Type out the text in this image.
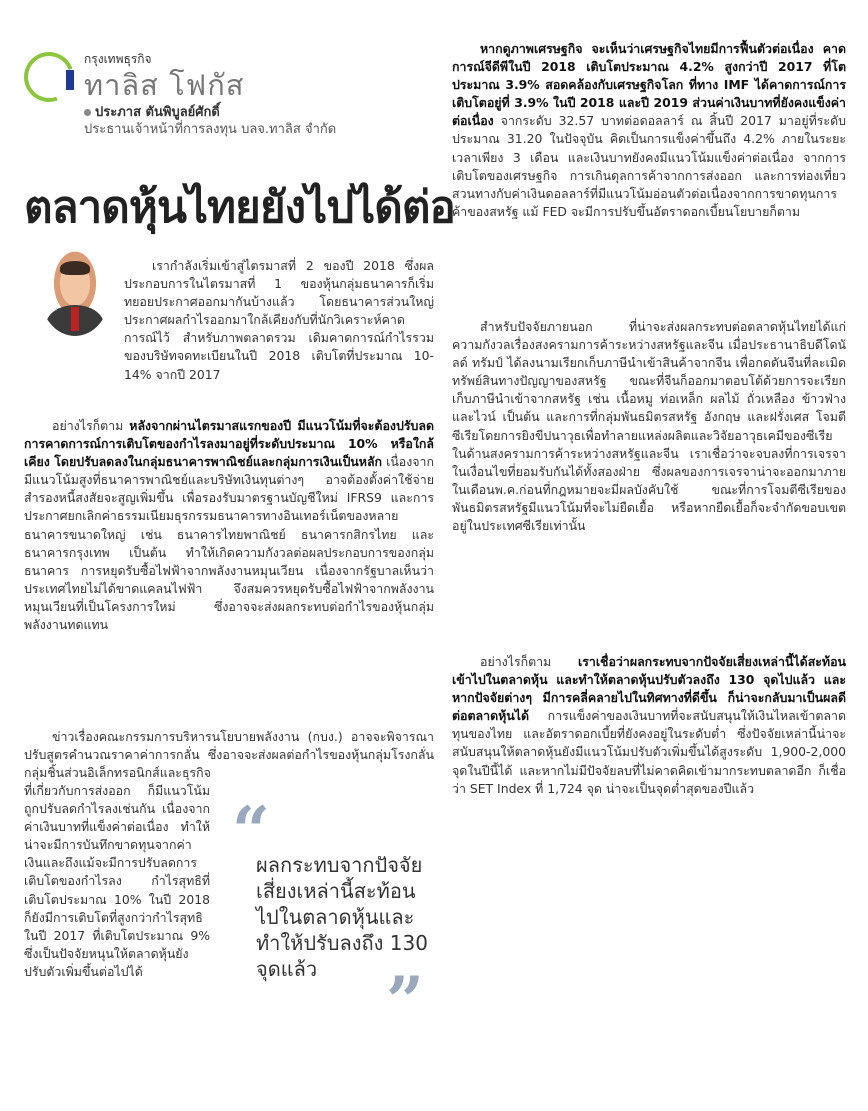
กรุงเทพธุรกิจ
ทาลิส โฟกัส
ประภาส ตันพิบูลย์ศักดิ์
ประธานเจ้าหน้าที่การลงทุน บลจ.ทาลิส จำกัด
ตลาดหุ้นไทยยังไปได้ต่อ

เรากำลังเริ่มเข้าสู่ไตรมาสที่ 2 ของปี 2018 ซึ่งผลประกอบการในไตรมาสที่ 1 ของหุ้นกลุ่มธนาคารก็เริ่มทยอยประกาศออกมากันบ้างแล้ว โดยธนาคารส่วนใหญ่ประกาศผลกำไรออกมาใกล้เคียงกับที่นักวิเคราะห์คาดการณ์ไว้ สำหรับภาพตลาดรวม เดิมคาดการณ์กำไรรวมของบริษัทจดทะเบียนในปี 2018 เติบโตที่ประมาณ 10-14% จากปี 2017

อย่างไรก็ตาม หลังจากผ่านไตรมาสแรกของปี มีแนวโน้มที่จะต้องปรับลดการคาดการณ์การเติบโตของกำไรลงมาอยู่ที่ระดับประมาณ 10% หรือใกล้เคียง โดยปรับลดลงในกลุ่มธนาคารพาณิชย์และกลุ่มการเงินเป็นหลัก เนื่องจากมีแนวโน้มสูงที่ธนาคารพาณิชย์และบริษัทเงินทุนต่างๆ อาจต้องตั้งค่าใช้จ่ายสำรองหนี้สงสัยจะสูญเพิ่มขึ้น เพื่อรองรับมาตรฐานบัญชีใหม่ IFRS9 และการประกาศยกเลิกค่าธรรมเนียมธุรกรรมธนาคารทางอินเทอร์เน็ตของหลายธนาคารขนาดใหญ่ เช่น ธนาคารไทยพาณิชย์ ธนาคารกสิกรไทย และธนาคารกรุงเทพ เป็นต้น ทำให้เกิดความกังวลต่อผลประกอบการของกลุ่มธนาคาร การหยุดรับซื้อไฟฟ้าจากพลังงานหมุนเวียน เนื่องจากรัฐบาลเห็นว่าประเทศไทยไม่ได้ขาดแคลนไฟฟ้า จึงสมควรหยุดรับซื้อไฟฟ้าจากพลังงานหมุนเวียนที่เป็นโครงการใหม่ ซึ่งอาจจะส่งผลกระทบต่อกำไรของหุ้นกลุ่มพลังงานทดแทน

ข่าวเรื่องคณะกรรมการบริหารนโยบายพลังงาน (กบง.) อาจจะพิจารณาปรับสูตรคำนวณราคาค่าการกลั่น ซึ่งอาจจะส่งผลต่อกำไรของหุ้นกลุ่มโรงกลั่น กลุ่มชิ้นส่วนอิเล็กทรอนิกส์และธุรกิจ

ที่เกี่ยวกับการส่งออก ก็มีแนวโน้มถูกปรับลดกำไรลงเช่นกัน เนื่องจากค่าเงินบาทที่แข็งค่าต่อเนื่อง ทำให้น่าจะมีการบันทึกขาดทุนจากค่าเงินและถึงแม้จะมีการปรับลดการเติบโตของกำไรลง กำไรสุทธิที่เติบโตประมาณ 10% ในปี 2018 ก็ยังมีการเติบโตที่สูงกว่ากำไรสุทธิในปี 2017 ที่เติบโตประมาณ 9% ซึ่งเป็นปัจจัยหนุนให้ตลาดหุ้นยังปรับตัวเพิ่มขึ้นต่อไปได้

“
ผลกระทบจากปัจจัยเสี่ยงเหล่านี้สะท้อนไปในตลาดหุ้นและทำให้ปรับลงถึง 130 จุดแล้ว	”

หากดูภาพเศรษฐกิจ จะเห็นว่าเศรษฐกิจไทยมีการฟื้นตัวต่อเนื่อง คาดการณ์จีดีพีในปี 2018 เติบโตประมาณ 4.2% สูงกว่าปี 2017 ที่โตประมาณ 3.9% สอดคล้องกับเศรษฐกิจโลก ที่ทาง IMF ได้คาดการณ์การเติบโตอยู่ที่ 3.9% ในปี 2018 และปี 2019 ส่วนค่าเงินบาทที่ยังคงแข็งค่าต่อเนื่อง จากระดับ 32.57 บาทต่อดอลลาร์ ณ สิ้นปี 2017 มาอยู่ที่ระดับประมาณ 31.20 ในปัจจุบัน คิดเป็นการแข็งค่าขึ้นถึง 4.2% ภายในระยะเวลาเพียง 3 เดือน และเงินบาทยังคงมีแนวโน้มแข็งค่าต่อเนื่อง จากการเติบโตของเศรษฐกิจ การเกินดุลการค้าจากการส่งออก และการท่องเที่ยวสวนทางกับค่าเงินดอลลาร์ที่มีแนวโน้มอ่อนตัวต่อเนื่องจากการขาดทุนการค้าของสหรัฐ แม้ FED จะมีการปรับขึ้นอัตราดอกเบี้ยนโยบายก็ตาม

สำหรับปัจจัยภายนอก ที่น่าจะส่งผลกระทบต่อตลาดหุ้นไทยได้แก่ ความกังวลเรื่องสงครามการค้าระหว่างสหรัฐและจีน เมื่อประธานาธิบดีโดนัลด์ ทรัมป์ ได้ลงนามเรียกเก็บภาษีนำเข้าสินค้าจากจีน เพื่อกดดันจีนที่ละเมิดทรัพย์สินทางปัญญาของสหรัฐ ขณะที่จีนก็ออกมาตอบโต้ด้วยการจะเรียกเก็บภาษีนำเข้าจากสหรัฐ เช่น เนื้อหมู ท่อเหล็ก ผลไม้ ถั่วเหลือง ข้าวฟ่าง และไวน์ เป็นต้น และการที่กลุ่มพันธมิตรสหรัฐ อังกฤษ และฝรั่งเศส โจมตีซีเรียโดยการยิงขีปนาวุธเพื่อทำลายแหล่งผลิตและวิจัยอาวุธเคมีของซีเรียในด้านสงครามการค้าระหว่างสหรัฐและจีน เราเชื่อว่าจะจบลงที่การเจรจาในเงื่อนไขที่ยอมรับกันได้ทั้งสองฝ่าย ซึ่งผลของการเจรจาน่าจะออกมาภายในเดือนพ.ค.ก่อนที่กฎหมายจะมีผลบังคับใช้ ขณะที่การโจมตีซีเรียของพันธมิตรสหรัฐมีแนวโน้มที่จะไม่ยืดเยื้อ หรือหากยืดเยื้อก็จะจำกัดขอบเขตอยู่ในประเทศซีเรียเท่านั้น

อย่างไรก็ตาม เราเชื่อว่าผลกระทบจากปัจจัยเสี่ยงเหล่านี้ได้สะท้อนเข้าไปในตลาดหุ้น และทำให้ตลาดหุ้นปรับตัวลงถึง 130 จุดไปแล้ว และหากปัจจัยต่างๆ มีการคลี่คลายไปในทิศทางที่ดีขึ้น ก็น่าจะกลับมาเป็นผลดีต่อตลาดหุ้นได้ การแข็งค่าของเงินบาทที่จะสนับสนุนให้เงินไหลเข้าตลาดทุนของไทย และอัตราดอกเบี้ยที่ยังคงอยู่ในระดับต่ำ ซึ่งปัจจัยเหล่านี้น่าจะสนับสนุนให้ตลาดหุ้นยังมีแนวโน้มปรับตัวเพิ่มขึ้นได้สูงระดับ 1,900-2,000 จุดในปีนี้ได้ และหากไม่มีปัจจัยลบที่ไม่คาดคิดเข้ามากระทบตลาดอีก ก็เชื่อว่า SET Index ที่ 1,724 จุด น่าจะเป็นจุดต่ำสุดของปีแล้ว
